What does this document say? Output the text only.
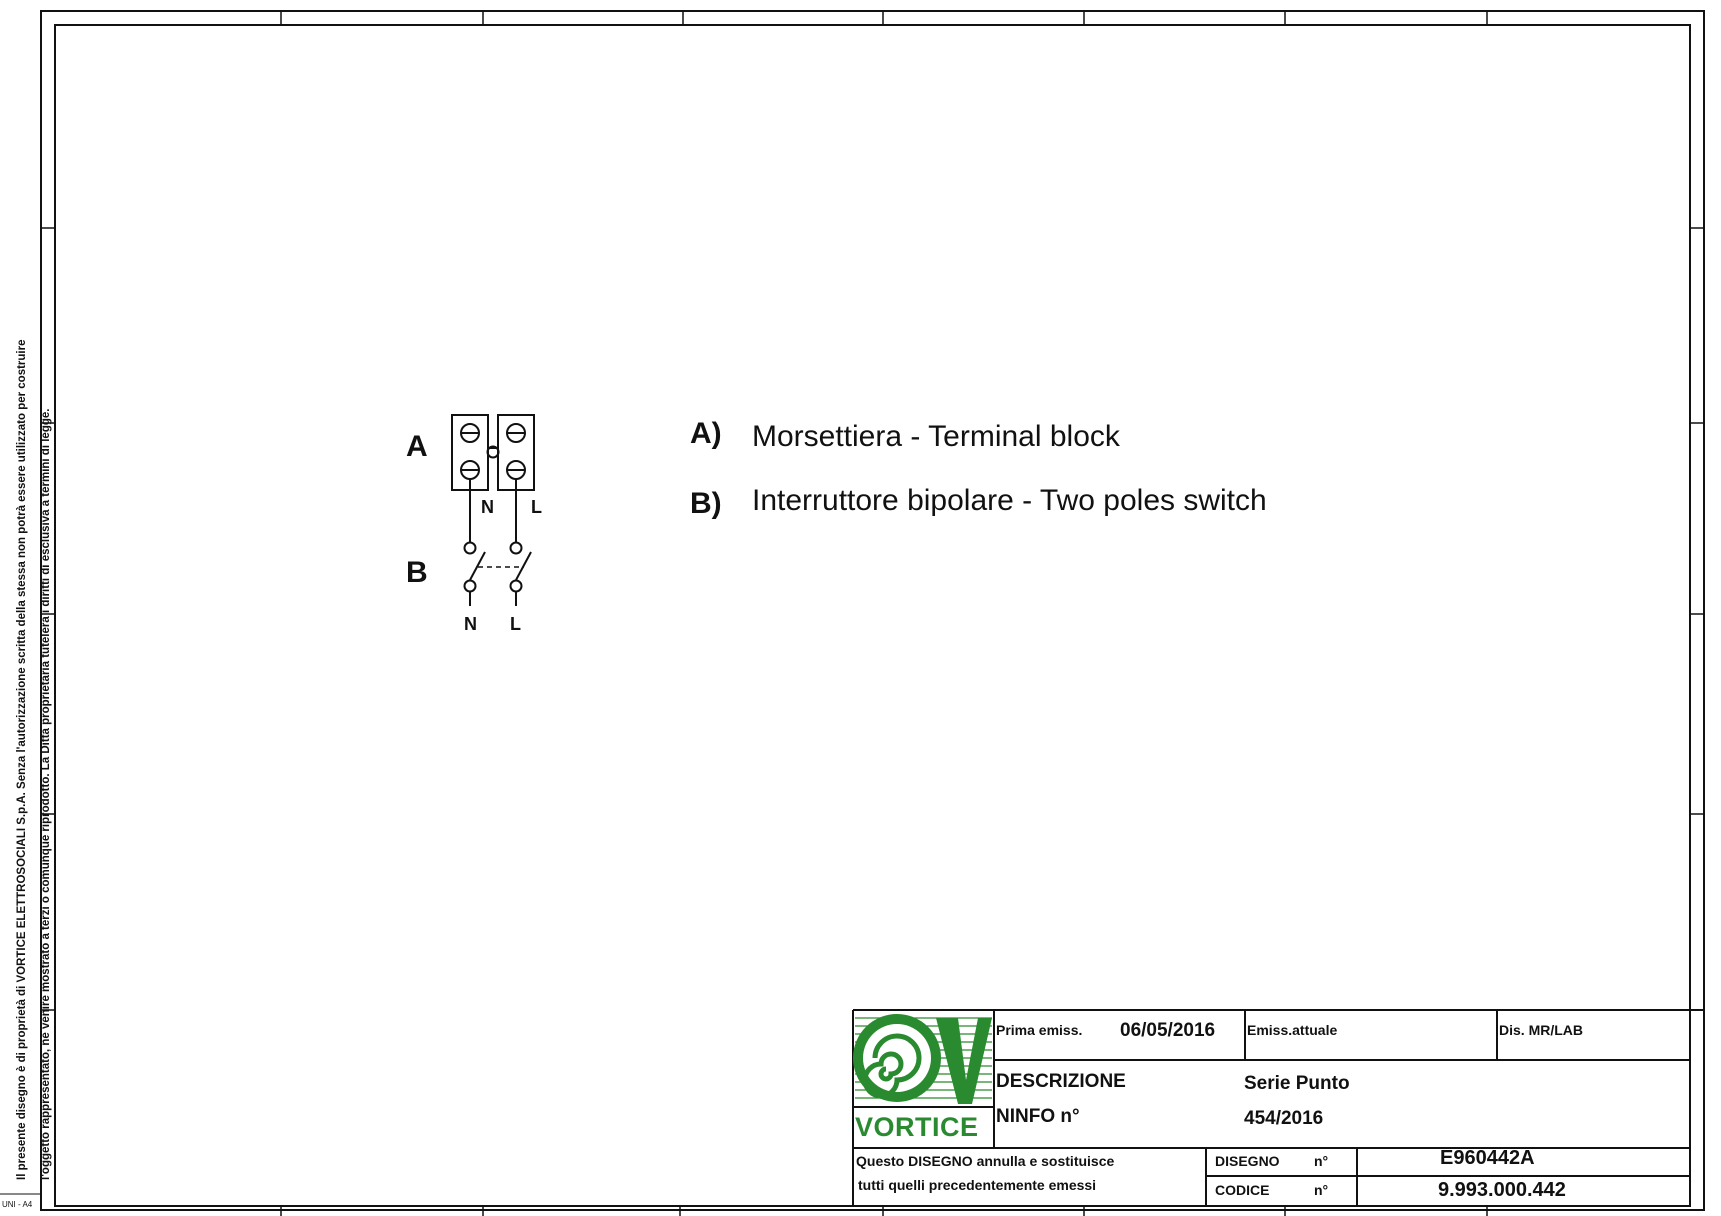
Il presente disegno è di proprietà di VORTICE ELETTROSOCIALI S.p.A. Senza l'autorizzazione scritta della stessa non potrà essere utilizzato per costruire	l'oggetto rappresentato, nè venire mostrato a terzi o comunque riprodotto. La Ditta proprietaria tutelerà i diritti di esclusiva a termini di legge.
UNI - A4
A
B
N L
N L
A) Morsettiera - Terminal block
B) Interruttore bipolare - Two poles switch
VORTICE
Prima emiss. 06/05/2016 Emiss.attuale	Dis. MR/LAB
DESCRIZIONE	Serie Punto
NINFO n°	454/2016
Questo DISEGNO annulla e sostituisce
tutti quelli precedentemente emessi
DISEGNO n°	E960442A
CODICE	n°	9.993.000.442
